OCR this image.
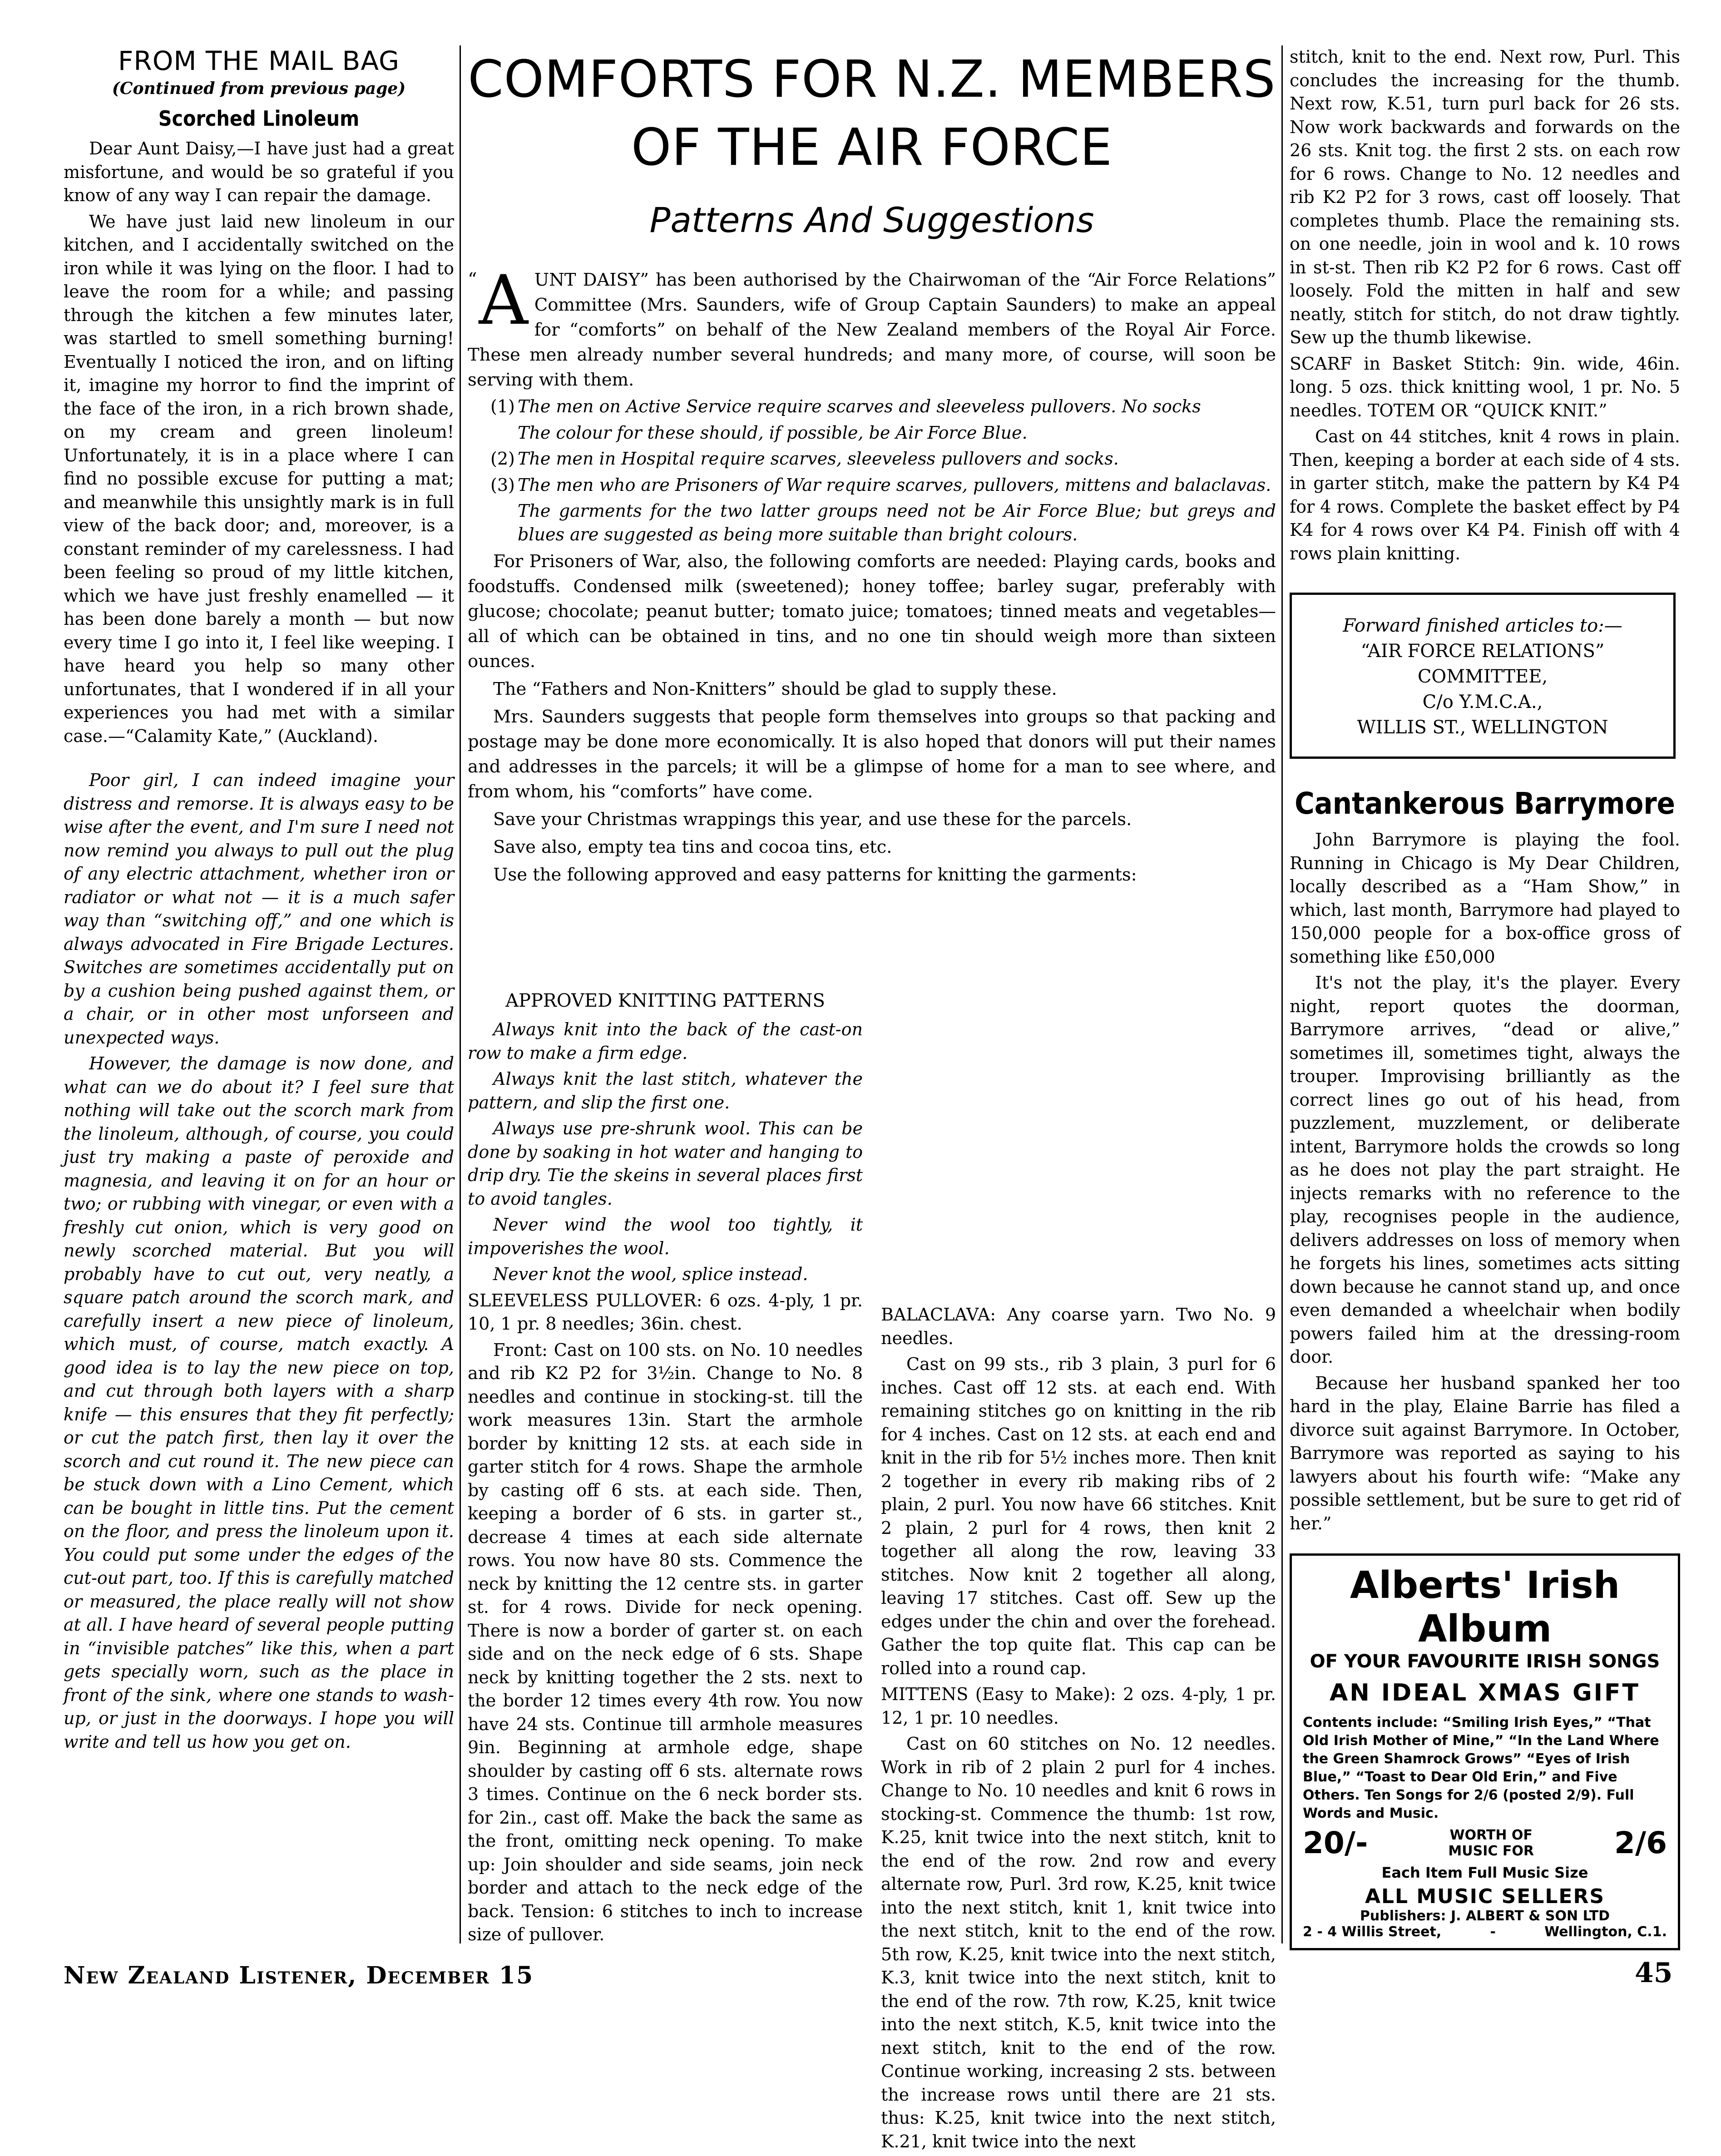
FROM THE MAIL BAG
(Continued from previous page)
Scorched Linoleum

Dear Aunt Daisy,—I have just had a great misfortune, and would be so grateful if you know of any way I can repair the damage.

We have just laid new linoleum in our kitchen, and I accidentally switched on the iron while it was lying on the floor. I had to leave the room for a while; and passing through the kitchen a few minutes later, was startled to smell something burning! Eventually I noticed the iron, and on lifting it, imagine my horror to find the imprint of the face of the iron, in a rich brown shade, on my cream and green linoleum! Unfortunately, it is in a place where I can find no possible excuse for putting a mat; and meanwhile this unsightly mark is in full view of the back door; and, moreover, is a constant reminder of my carelessness. I had been feeling so proud of my little kitchen, which we have just freshly enamelled — it has been done barely a month — but now every time I go into it, I feel like weeping. I have heard you help so many other unfortunates, that I wondered if in all your experiences you had met with a similar case.—“Calamity Kate,” (Auckland).

Poor girl, I can indeed imagine your distress and remorse. It is always easy to be wise after the event, and I'm sure I need not now remind you always to pull out the plug of any electric attachment, whether iron or radiator or what not — it is a much safer way than “switching off,” and one which is always advocated in Fire Brigade Lectures. Switches are sometimes accidentally put on by a cushion being pushed against them, or a chair, or in other most unforseen and unexpected ways.

However, the damage is now done, and what can we do about it? I feel sure that nothing will take out the scorch mark from the linoleum, although, of course, you could just try making a paste of peroxide and magnesia, and leaving it on for an hour or two; or rubbing with vinegar, or even with a freshly cut onion, which is very good on newly scorched material. But you will probably have to cut out, very neatly, a square patch around the scorch mark, and carefully insert a new piece of linoleum, which must, of course, match exactly. A good idea is to lay the new piece on top, and cut through both layers with a sharp knife — this ensures that they fit perfectly; or cut the patch first, then lay it over the scorch and cut round it. The new piece can be stuck down with a Lino Cement, which can be bought in little tins. Put the cement on the floor, and press the linoleum upon it. You could put some under the edges of the cut-out part, too. If this is carefully matched or measured, the place really will not show at all. I have heard of several people putting in “invisible patches” like this, when a part gets specially worn, such as the place in front of the sink, where one stands to wash-up, or just in the doorways. I hope you will write and tell us how you get on.

COMFORTS FOR N.Z. MEMBERS
OF THE AIR FORCE
Patterns And Suggestions

“ A UNT DAISY” has been authorised by the Chairwoman of the “Air Force Relations” Committee (Mrs. Saunders, wife of Group Captain Saunders) to make an appeal for “comforts” on behalf of the New Zealand members of the Royal Air Force. These men already number several hundreds; and many more, of course, will soon be serving with them.

(1) The men on Active Service require scarves and sleeveless pullovers. No socks

The colour for these should, if possible, be Air Force Blue.

(2) The men in Hospital require scarves, sleeveless pullovers and socks.

(3) The men who are Prisoners of War require scarves, pullovers, mittens and balaclavas.

The garments for the two latter groups need not be Air Force Blue; but greys and blues are suggested as being more suitable than bright colours.

For Prisoners of War, also, the following comforts are needed: Playing cards, books and foodstuffs. Condensed milk (sweetened); honey toffee; barley sugar, preferably with glucose; chocolate; peanut butter; tomato juice; tomatoes; tinned meats and vegetables—all of which can be obtained in tins, and no one tin should weigh more than sixteen ounces.

The “Fathers and Non-Knitters” should be glad to supply these.

Mrs. Saunders suggests that people form themselves into groups so that packing and postage may be done more economically. It is also hoped that donors will put their names and addresses in the parcels; it will be a glimpse of home for a man to see where, and from whom, his “comforts” have come.

Save your Christmas wrappings this year, and use these for the parcels.

Save also, empty tea tins and cocoa tins, etc.

Use the following approved and easy patterns for knitting the garments:

APPROVED KNITTING PATTERNS

Always knit into the back of the cast-on row to make a firm edge.

Always knit the last stitch, whatever the pattern, and slip the first one.

Always use pre-shrunk wool. This can be done by soaking in hot water and hanging to drip dry. Tie the skeins in several places first to avoid tangles.

Never wind the wool too tightly, it impoverishes the wool.

Never knot the wool, splice instead.

SLEEVELESS PULLOVER: 6 ozs. 4-ply, 1 pr. 10, 1 pr. 8 needles; 36in. chest.

Front: Cast on 100 sts. on No. 10 needles and rib K2 P2 for 3½in. Change to No. 8 needles and continue in stocking-st. till the work measures 13in. Start the armhole border by knitting 12 sts. at each side in garter stitch for 4 rows. Shape the armhole by casting off 6 sts. at each side. Then, keeping a border of 6 sts. in garter st., decrease 4 times at each side alternate rows. You now have 80 sts. Commence the neck by knitting the 12 centre sts. in garter st. for 4 rows. Divide for neck opening. There is now a border of garter st. on each side and on the neck edge of 6 sts. Shape neck by knitting together the 2 sts. next to the border 12 times every 4th row. You now have 24 sts. Continue till armhole measures 9in. Beginning at armhole edge, shape shoulder by casting off 6 sts. alternate rows 3 times. Continue on the 6 neck border sts. for 2in., cast off. Make the back the same as the front, omitting neck opening. To make up: Join shoulder and side seams, join neck border and attach to the neck edge of the back. Tension: 6 stitches to inch to increase size of pullover.

BALACLAVA: Any coarse yarn. Two No. 9 needles.

Cast on 99 sts., rib 3 plain, 3 purl for 6 inches. Cast off 12 sts. at each end. With remaining stitches go on knitting in the rib for 4 inches. Cast on 12 sts. at each end and knit in the rib for 5½ inches more. Then knit 2 together in every rib making ribs of 2 plain, 2 purl. You now have 66 stitches. Knit 2 plain, 2 purl for 4 rows, then knit 2 together all along the row, leaving 33 stitches. Now knit 2 together all along, leaving 17 stitches. Cast off. Sew up the edges under the chin and over the forehead. Gather the top quite flat. This cap can be rolled into a round cap.

MITTENS (Easy to Make): 2 ozs. 4-ply, 1 pr. 12, 1 pr. 10 needles.

Cast on 60 stitches on No. 12 needles. Work in rib of 2 plain 2 purl for 4 inches. Change to No. 10 needles and knit 6 rows in stocking-st. Commence the thumb: 1st row, K.25, knit twice into the next stitch, knit to the end of the row. 2nd row and every alternate row, Purl. 3rd row, K.25, knit twice into the next stitch, knit 1, knit twice into the next stitch, knit to the end of the row. 5th row, K.25, knit twice into the next stitch, K.3, knit twice into the next stitch, knit to the end of the row. 7th row, K.25, knit twice into the next stitch, K.5, knit twice into the next stitch, knit to the end of the row. Continue working, increasing 2 sts. between the increase rows until there are 21 sts. thus: K.25, knit twice into the next stitch, K.21, knit twice into the next

stitch, knit to the end. Next row, Purl. This concludes the increasing for the thumb. Next row, K.51, turn purl back for 26 sts. Now work backwards and forwards on the 26 sts. Knit tog. the first 2 sts. on each row for 6 rows. Change to No. 12 needles and rib K2 P2 for 3 rows, cast off loosely. That completes thumb. Place the remaining sts. on one needle, join in wool and k. 10 rows in st-st. Then rib K2 P2 for 6 rows. Cast off loosely. Fold the mitten in half and sew neatly, stitch for stitch, do not draw tightly. Sew up the thumb likewise.

SCARF in Basket Stitch: 9in. wide, 46in. long. 5 ozs. thick knitting wool, 1 pr. No. 5 needles. TOTEM OR “QUICK KNIT.”

Cast on 44 stitches, knit 4 rows in plain. Then, keeping a border at each side of 4 sts. in garter stitch, make the pattern by K4 P4 for 4 rows. Complete the basket effect by P4 K4 for 4 rows over K4 P4. Finish off with 4 rows plain knitting.

Forward finished articles to:—
“AIR FORCE RELATIONS”
COMMITTEE,
C/o Y.M.C.A.,
WILLIS ST., WELLINGTON
Cantankerous Barrymore

John Barrymore is playing the fool. Running in Chicago is My Dear Children, locally described as a “Ham Show,” in which, last month, Barrymore had played to 150,000 people for a box-office gross of something like £50,000

It's not the play, it's the player. Every night, report quotes the doorman, Barrymore arrives, “dead or alive,” sometimes ill, sometimes tight, always the trouper. Improvising brilliantly as the correct lines go out of his head, from puzzlement, muzzlement, or deliberate intent, Barrymore holds the crowds so long as he does not play the part straight. He injects remarks with no reference to the play, recognises people in the audience, delivers addresses on loss of memory when he forgets his lines, sometimes acts sitting down because he cannot stand up, and once even demanded a wheelchair when bodily powers failed him at the dressing-room door.

Because her husband spanked her too hard in the play, Elaine Barrie has filed a divorce suit against Barrymore. In October, Barrymore was reported as saying to his lawyers about his fourth wife: “Make any possible settlement, but be sure to get rid of her.”

Alberts' Irish Album
OF YOUR FAVOURITE IRISH SONGS
AN IDEAL XMAS GIFT
Contents include: “Smiling Irish Eyes,” “That Old Irish Mother of Mine,” “In the Land Where the Green Shamrock Grows” “Eyes of Irish Blue,” “Toast to Dear Old Erin,” and Five Others. Ten Songs for 2/6 (posted 2/9). Full Words and Music.
20/-	WORTH OF
MUSIC FOR	2/6
Each Item Full Music Size
ALL MUSIC SELLERS
Publishers: J. ALBERT & SON LTD
2 - 4 Willis Street,	-	Wellington, C.1.
New Zealand Listener, December 15	45
